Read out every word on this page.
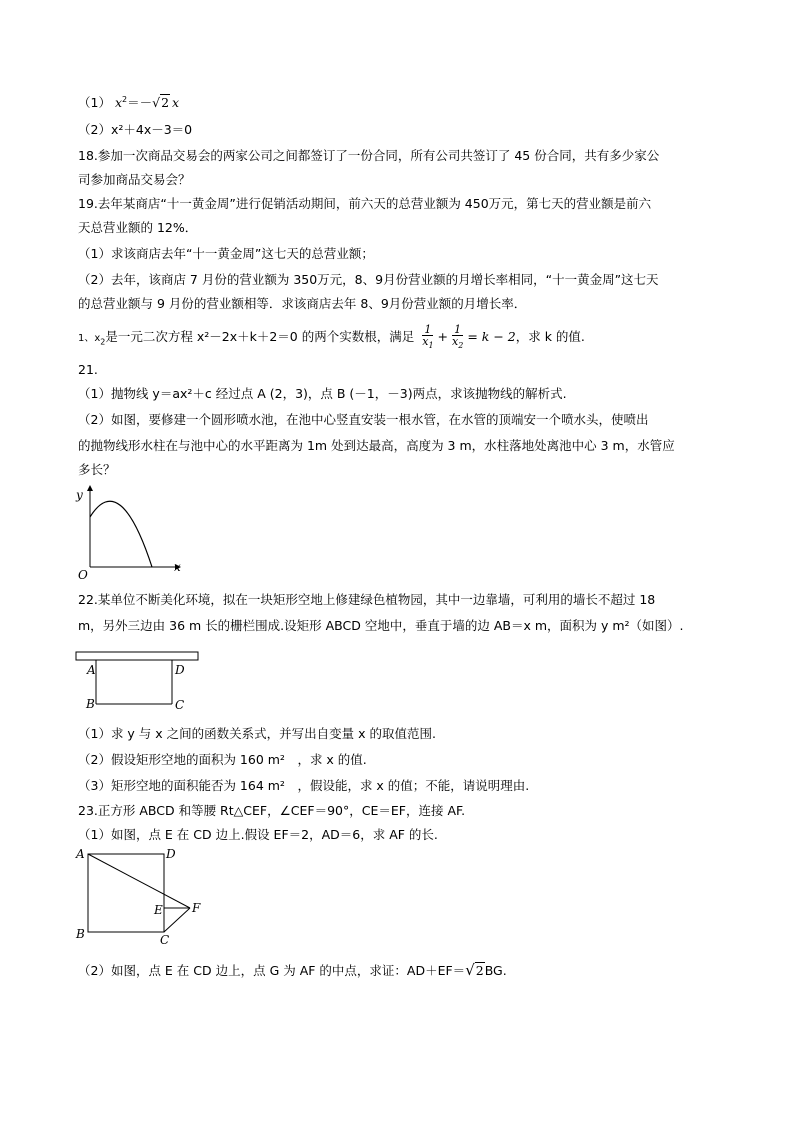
（1） $x^2=-√2$ x
（2）x²＋4x－3＝0
18.参加一次商品交易会的两家公司之间都签订了一份合同，所有公司共签订了 45 份合同，共有多少家公
司参加商品交易会？
19.去年某商店“十一黄金周”进行促销活动期间，前六天的总营业额为 450万元，第七天的营业额是前六
天总营业额的 12%．
（1）求该商店去年“十一黄金周”这七天的总营业额；
（2）去年，该商店 7 月份的营业额为 350万元，8、9月份营业额的月增长率相同，“十一黄金周”这七天
的总营业额与 9 月份的营业额相等．求该商店去年 8、9月份营业额的月增长率．
1、$x_2$是一元二次方程 x²－2x＋k＋2＝0 的两个实数根，满足 $\frac{1}{x_1} + \frac{1}{x_2} = k - 2$，求 k 的值.
21.
（1）抛物线 y＝ax²＋c 经过点 A (2，3)，点 B (－1，－3)两点，求该抛物线的解析式.
（2）如图，要修建一个圆形喷水池，在池中心竖直安装一根水管，在水管的顶端安一个喷水头，使喷出
的抛物线形水柱在与池中心的水平距离为 1m 处到达最高，高度为 3 m，水柱落地处离池中心 3 m，水管应
多长？
y
x
O
22.某单位不断美化环境，拟在一块矩形空地上修建绿色植物园，其中一边靠墙，可利用的墙长不超过 18
m，另外三边由 36 m 长的栅栏围成.设矩形 ABCD 空地中，垂直于墙的边 AB＝x m，面积为 y m²（如图）.
A	D
B	C
（1）求 y 与 x 之间的函数关系式，并写出自变量 x 的取值范围.
（2）假设矩形空地的面积为 160 m²　，求 x 的值.
（3）矩形空地的面积能否为 164 m²　，假设能，求 x 的值；不能，请说明理由.
23.正方形 ABCD 和等腰 Rt△CEF，∠CEF＝90°，CE＝EF，连接 AF.
（1）如图，点 E 在 CD 边上.假设 EF＝2，AD＝6，求 AF 的长.
A	D
B	C
E F
（2）如图，点 E 在 CD 边上，点 G 为 AF 的中点，求证：AD＋EF＝√2BG.
